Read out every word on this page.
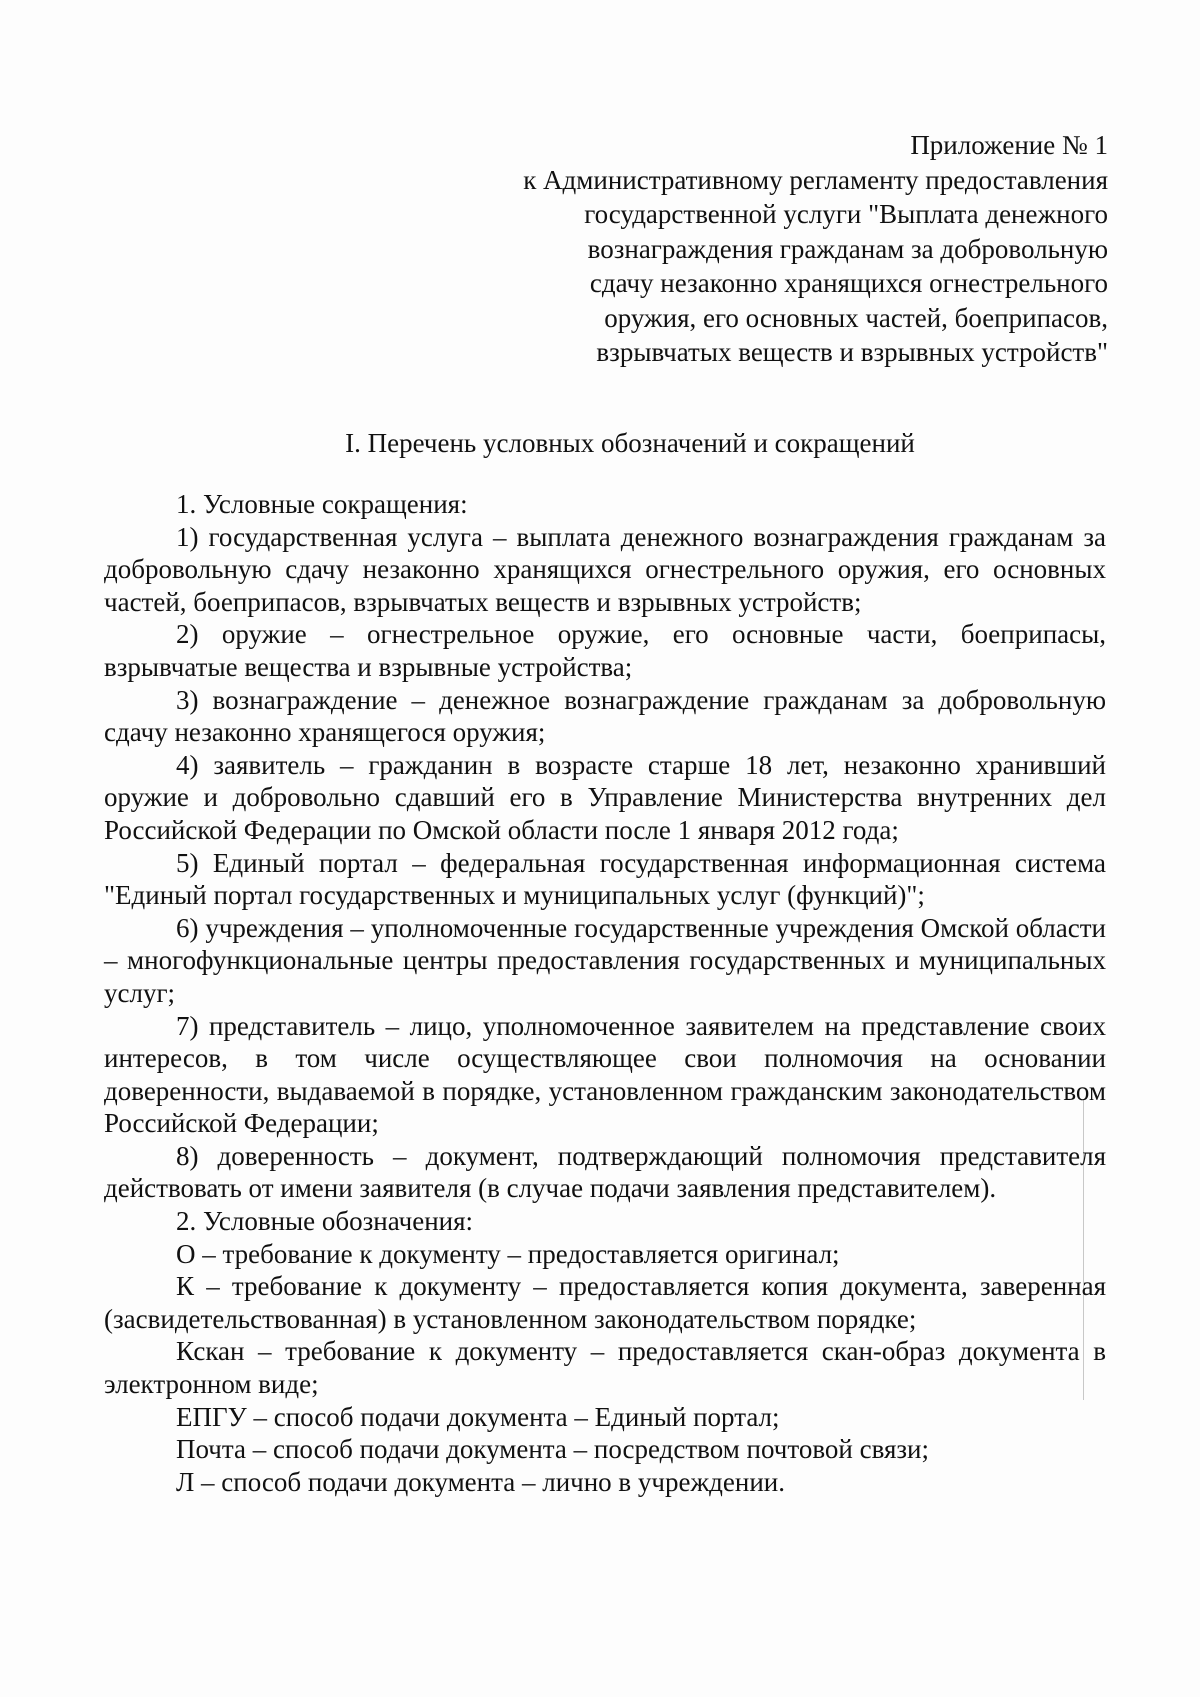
Приложение № 1
к Административному регламенту предоставления
государственной услуги "Выплата денежного
вознаграждения гражданам за добровольную
сдачу незаконно хранящихся огнестрельного
оружия, его основных частей, боеприпасов,
взрывчатых веществ и взрывных устройств"
I. Перечень условных обозначений и сокращений

1. Условные сокращения:

1) государственная услуга – выплата денежного вознаграждения гражданам за добровольную сдачу незаконно хранящихся огнестрельного оружия, его основных частей, боеприпасов, взрывчатых веществ и взрывных устройств;

2) оружие – огнестрельное оружие, его основные части, боеприпасы, взрывчатые вещества и взрывные устройства;

3) вознаграждение – денежное вознаграждение гражданам за добровольную сдачу незаконно хранящегося оружия;

4) заявитель – гражданин в возрасте старше 18 лет, незаконно хранивший оружие и добровольно сдавший его в Управление Министерства внутренних дел Российской Федерации по Омской области после 1 января 2012 года;

5) Единый портал – федеральная государственная информационная система "Единый портал государственных и муниципальных услуг (функций)";

6) учреждения – уполномоченные государственные учреждения Омской области – многофункциональные центры предоставления государственных и муниципальных услуг;

7) представитель – лицо, уполномоченное заявителем на представление своих интересов, в том числе осуществляющее свои полномочия на основании доверенности, выдаваемой в порядке, установленном гражданским законодательством Российской Федерации;

8) доверенность – документ, подтверждающий полномочия представителя действовать от имени заявителя (в случае подачи заявления представителем).

2. Условные обозначения:

О – требование к документу – предоставляется оригинал;

К – требование к документу – предоставляется копия документа, заверенная (засвидетельствованная) в установленном законодательством порядке;

Кскан – требование к документу – предоставляется скан-образ документа в электронном виде;

ЕПГУ – способ подачи документа – Единый портал;

Почта – способ подачи документа – посредством почтовой связи;

Л – способ подачи документа – лично в учреждении.
